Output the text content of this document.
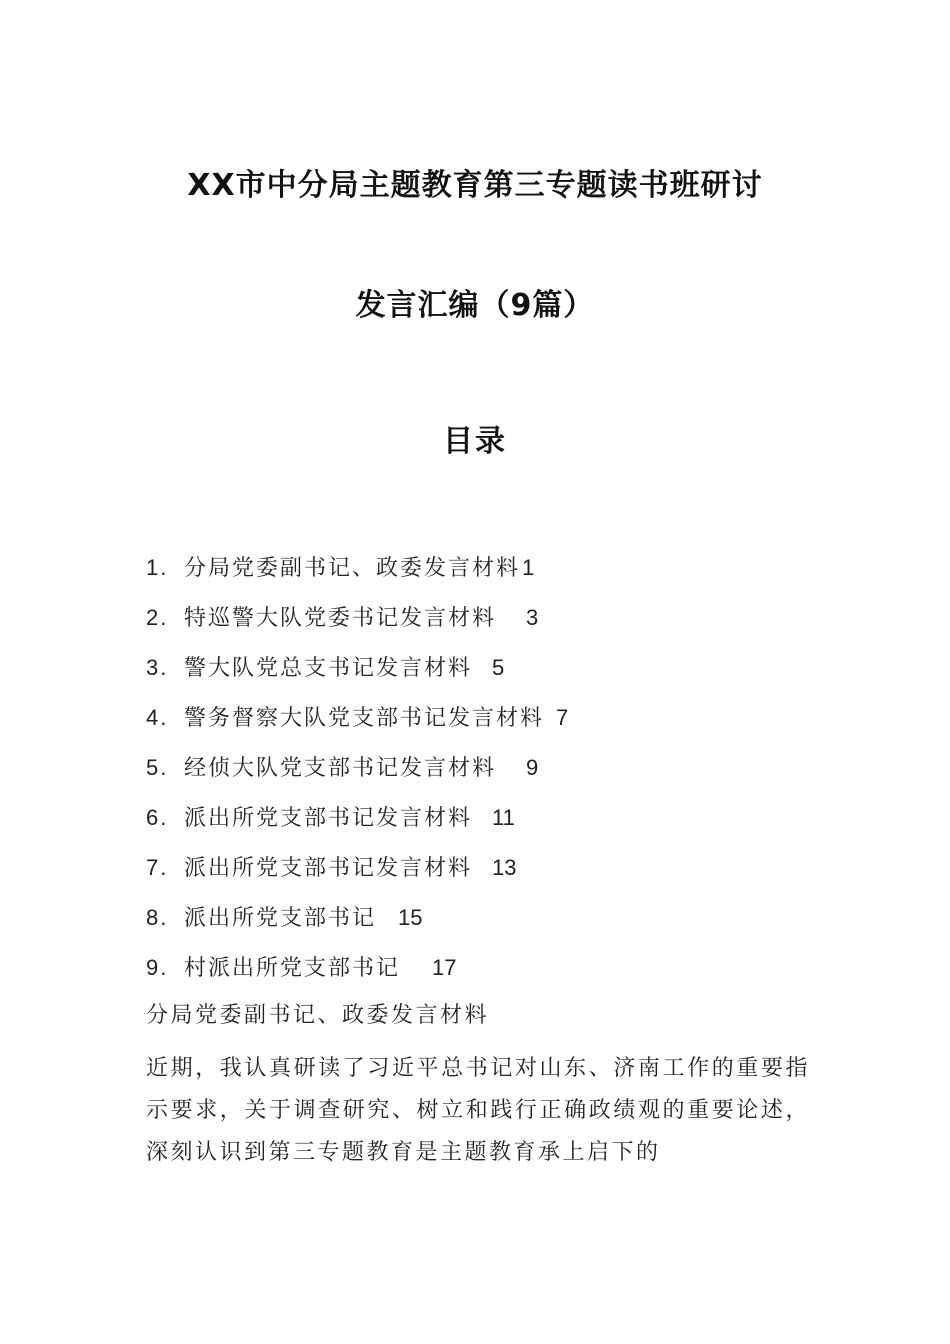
XX市中分局主题教育第三专题读书班研讨
发言汇编（9篇）
目录
1. 分局党委副书记、政委发言材料1
2. 特巡警大队党委书记发言材料 3
3. 警大队党总支书记发言材料 5
4. 警务督察大队党支部书记发言材料 7
5. 经侦大队党支部书记发言材料 9
6. 派出所党支部书记发言材料 11
7. 派出所党支部书记发言材料 13
8. 派出所党支部书记 15
9. 村派出所党支部书记 17
分局党委副书记、政委发言材料
近期，我认真研读了习近平总书记对山东、济南工作的重要指示要求，关于调查研究、树立和践行正确政绩观的重要论述，深刻认识到第三专题教育是主题教育承上启下的
